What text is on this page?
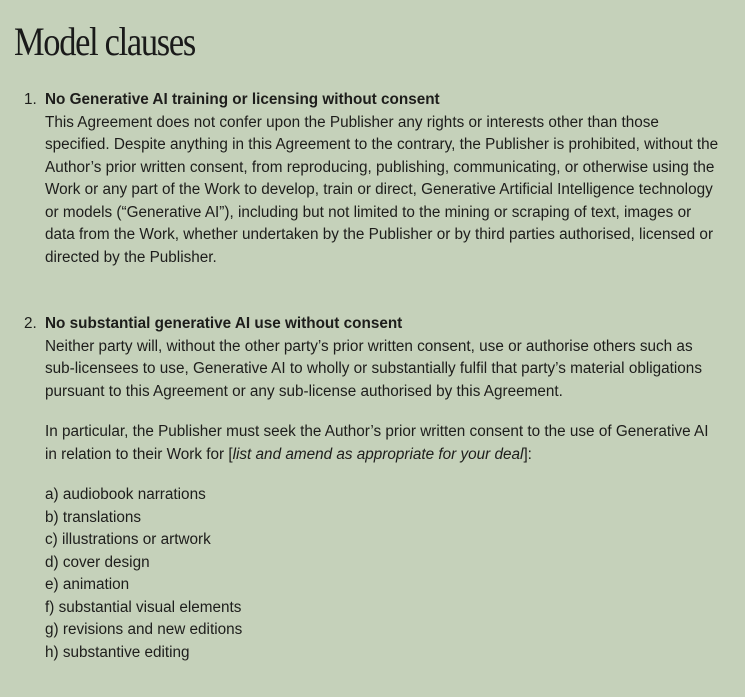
Model clauses
1. No Generative AI training or licensing without consent

This Agreement does not confer upon the Publisher any rights or interests other than those specified. Despite anything in this Agreement to the contrary, the Publisher is prohibited, without the Author’s prior written consent, from reproducing, publishing, communicating, or otherwise using the Work or any part of the Work to develop, train or direct, Generative Artificial Intelligence technology or models (“Generative AI”), including but not limited to the mining or scraping of text, images or data from the Work, whether undertaken by the Publisher or by third parties authorised, licensed or directed by the Publisher.

2. No substantial generative AI use without consent

Neither party will, without the other party’s prior written consent, use or authorise others such as sub-licensees to use, Generative AI to wholly or substantially fulfil that party’s material obligations pursuant to this Agreement or any sub-license authorised by this Agreement.

In particular, the Publisher must seek the Author’s prior written consent to the use of Generative AI in relation to their Work for [list and amend as appropriate for your deal]:

a) audiobook narrations
b) translations
c) illustrations or artwork
d) cover design
e) animation
f) substantial visual elements
g) revisions and new editions
h) substantive editing
